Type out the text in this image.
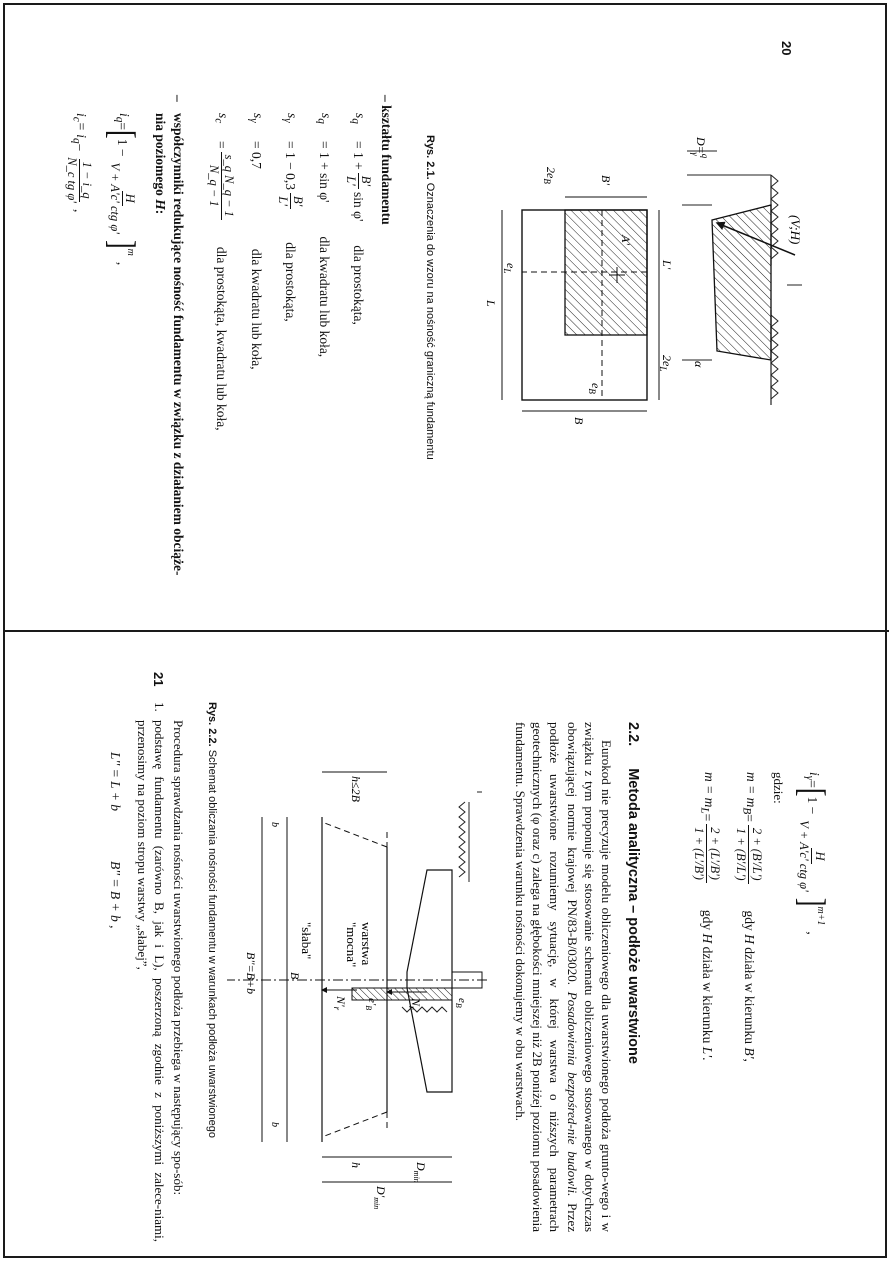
20
(V;H)
α
D=$^q$γ
A'
L'
$2e_L$
B
B'
$2e_B$
L
$e_L$
$e_B$
Rys. 2.1. Oznaczenia do wzoru na nośność graniczną fundamentu
– kształtu fundamentu
$s_q$
= 1 +
B'
L'
sin φ'
dla prostokąta,
$s_q$
= 1 + sin φ'
dla kwadratu lub koła,
$s_\gamma$
= 1 − 0,3
B'
L'
dla prostokąta,
$s_\gamma$
= 0,7
dla kwadratu lub koła,
$s_c$
=
s_q N_q − 1
N_q − 1
dla prostokąta, kwadratu lub koła,
–
współczynniki redukujące nośność fundamentu w związku z działaniem obciąże-
nia poziomego H:
$i_q$
=
[
1 −
H
V + A'c' ctg φ'
]
m
,
$i_c$
= $i_q$
−
1 − i_q
N_c tg φ'
,
21
$i_\gamma$
=
[
1 −
H
V + A'c' ctg φ'
]
m+1
,
gdzie:
$m = m_B$
=
2 + (B'/L')
1 + (B'/L')
gdy H działa w kierunku B',
$m = m_L$
=
2 + (L'/B')
1 + (L'/B')
gdy H działa w kierunku L'.
2.2.
Metoda analityczna – podłoże uwarstwione

Eurokod nie precyzuje modelu obliczeniowego dla uwarstwionego podłoża grunto-wego i w związku z tym proponuje się stosowanie schematu obliczeniowego stosowanego w dotychczas obowiązującej normie krajowej PN/83-B/03020. Posadowienia bezpośred-nie budowli. Przez podłoże uwarstwione rozumiemy sytuację, w której warstwa o niższych parametrach geotechnicznych (φ oraz c) zalega na głębokości mniejszej niż 2B poniżej poziomu posadowienia fundamentu. Sprawdzenia warunku nośności dokonujemy w obu warstwach.

warstwa
"mocna"
"słaba"
$N_r$
$N'_r$
$e'_B$
$e_B$
B
B''=B+b
b
b
$D_{min}$
h
$D'_{min}$
h≤2B
Rys. 2.2. Schemat obliczania nośności fundamentu w warunkach podłoża uwarstwionego

Procedura sprawdzania nośności uwarstwionego podłoża przebiega w następujący spo-sób:

1.
podstawę fundamentu (zarówno B, jak i L), poszerzoną zgodnie z poniższymi zalece-niami, przenosimy na poziom stropu warstwy „słabej”,
L'' = L + b
B'' = B + b ,
